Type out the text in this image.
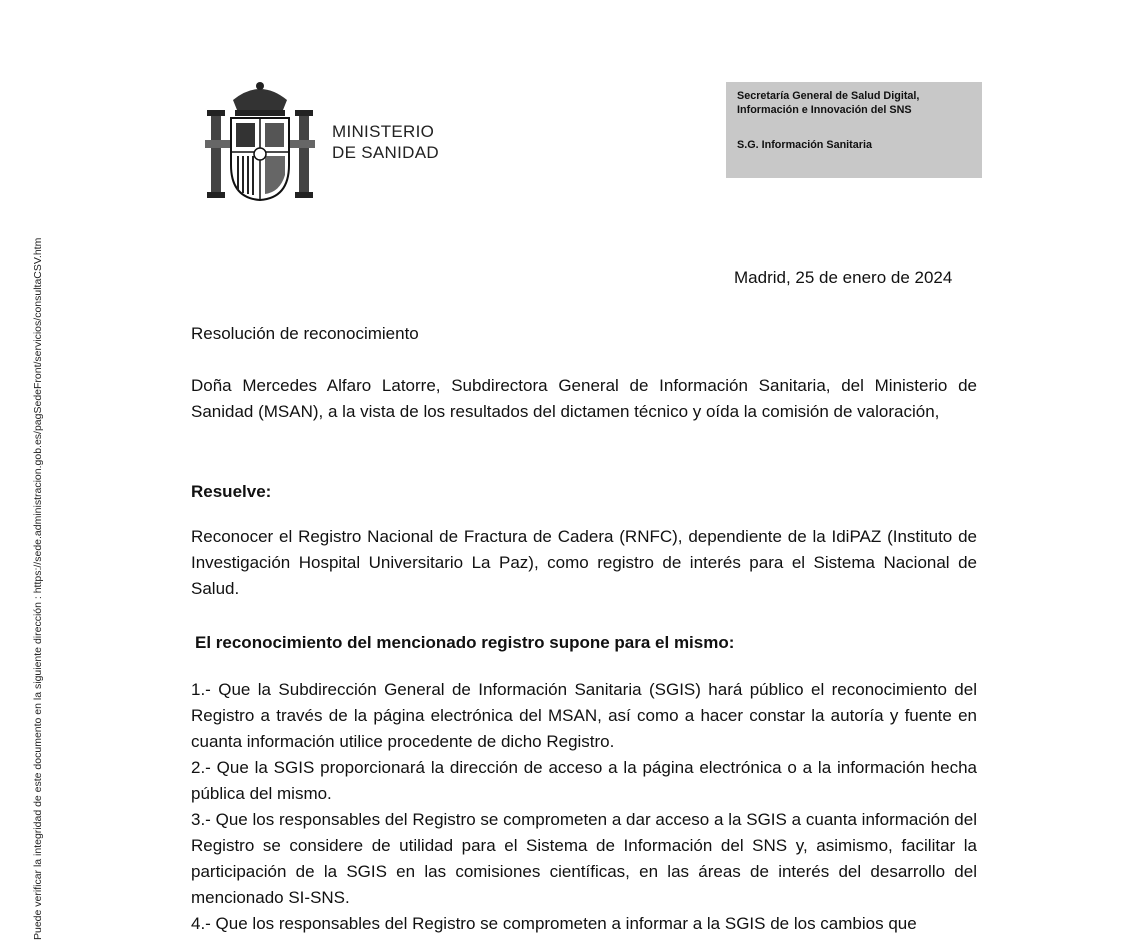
Puede verificar la integridad de este documento en la siguiente dirección : https://sede.administracion.gob.es/pagSedeFront/servicios/consultaCSV.htm
MINISTERIO
DE SANIDAD
Secretaría General de Salud Digital,
Información e Innovación del SNS
S.G. Información Sanitaria
Madrid, 25 de enero de 2024
Resolución de reconocimiento
Doña Mercedes Alfaro Latorre, Subdirectora General de Información Sanitaria, del Ministerio de Sanidad (MSAN), a la vista de los resultados del dictamen técnico y oída la comisión de valoración,
Resuelve:
Reconocer el Registro Nacional de Fractura de Cadera (RNFC), dependiente de la IdiPAZ (Instituto de Investigación Hospital Universitario La Paz), como registro de interés para el Sistema Nacional de Salud.
El reconocimiento del mencionado registro supone para el mismo:
1.- Que la Subdirección General de Información Sanitaria (SGIS) hará público el reconocimiento del Registro a través de la página electrónica del MSAN, así como a hacer constar la autoría y fuente en cuanta información utilice procedente de dicho Registro.
2.- Que la SGIS proporcionará la dirección de acceso a la página electrónica o a la información hecha pública del mismo.
3.- Que los responsables del Registro se comprometen a dar acceso a la SGIS a cuanta información del Registro se considere de utilidad para el Sistema de Información del SNS y, asimismo, facilitar la participación de la SGIS en las comisiones científicas, en las áreas de interés del desarrollo del mencionado SI-SNS.
4.- Que los responsables del Registro se comprometen a informar a la SGIS de los cambios que
